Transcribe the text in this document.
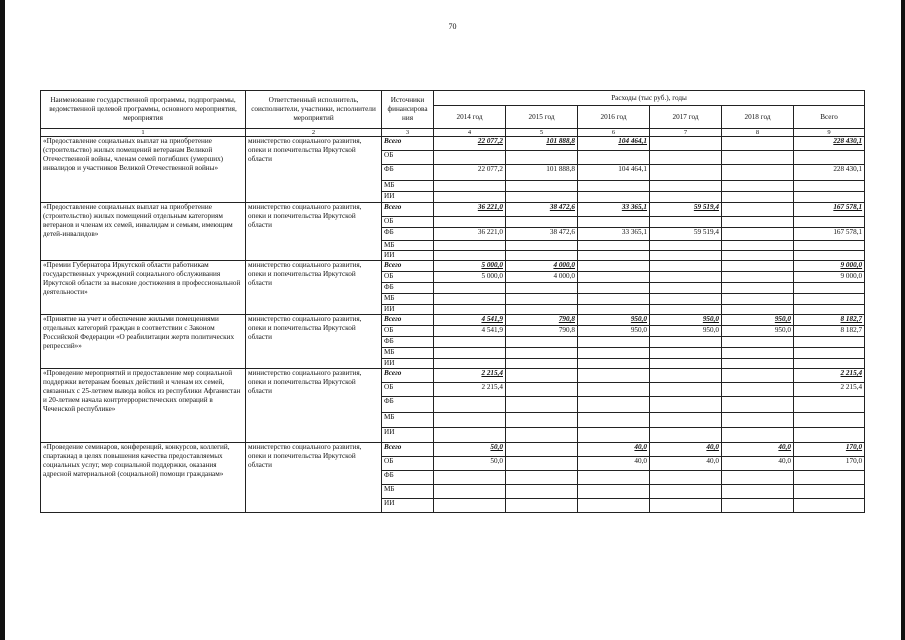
70
Наименование государственной программы, подпрограммы, ведомственной целевой программы, основного мероприятия, мероприятия	Ответственный исполнитель, соисполнители, участники, исполнители мероприятий	Источники финансирова ния	Расходы (тыс руб.), годы					
			2014 год	2015 год	2016 год	2017 год	2018 год	Всего
1	2	3	4	5	6	7	8	9
«Предоставление социальных выплат на приобретение (строительство) жилых помещений ветеранам Великой Отечественной войны, членам семей погибших (умерших) инвалидов и участников Великой Отечественной войны»	министерство социального развития, опеки и попечительства Иркутской области	Всего	22 077,2	101 888,8	104 464,1			228 430,1
		ОБ						
		ФБ	22 077,2	101 888,8	104 464,1			228 430,1
		МБ						
		ИИ						
«Предоставление социальных выплат на приобретение (строительство) жилых помещений отдельным категориям ветеранов и членам их семей, инвалидам и семьям, имеющим детей-инвалидов»	министерство социального развития, опеки и попечительства Иркутской области	Всего	36 221,0	38 472,6	33 365,1	59 519,4		167 578,1
		ОБ						
		ФБ	36 221,0	38 472,6	33 365,1	59 519,4		167 578,1
		МБ						
		ИИ						
«Премии Губернатора Иркутской области работникам государственных учреждений социального обслуживания Иркутской области за высокие достижения в профессиональной деятельности»	министерство социального развития, опеки и попечительства Иркутской области	Всего	5 000,0	4 000,0				9 000,0
		ОБ	5 000,0	4 000,0				9 000,0
		ФБ						
		МБ						
		ИИ						
«Принятие на учет и обеспечение жилыми помещениями отдельных категорий граждан в соответствии с Законом Российской Федерации «О реабилитации жертв политических репрессий»»	министерство социального развития, опеки и попечительства Иркутской области	Всего	4 541,9	790,8	950,0	950,0	950,0	8 182,7
		ОБ	4 541,9	790,8	950,0	950,0	950,0	8 182,7
		ФБ						
		МБ						
		ИИ						
«Проведение мероприятий и предоставление мер социальной поддержки ветеранам боевых действий и членам их семей, связанных с 25-летием вывода войск из республики Афганистан и 20-летием начала контртеррористических операций в Чеченской республике»	министерство социального развития, опеки и попечительства Иркутской области	Всего	2 215,4					2 215,4
		ОБ	2 215,4					2 215,4
		ФБ						
		МБ						
		ИИ						
«Проведение семинаров, конференций, конкурсов, коллегий, спартакиад в целях повышения качества предоставляемых социальных услуг, мер социальной поддержки, оказания адресной материальной (социальной) помощи гражданам»	министерство социального развития, опеки и попечительства Иркутской области	Всего	50,0		40,0	40,0	40,0	170,0
		ОБ	50,0		40,0	40,0	40,0	170,0
		ФБ						
		МБ						
		ИИ						
